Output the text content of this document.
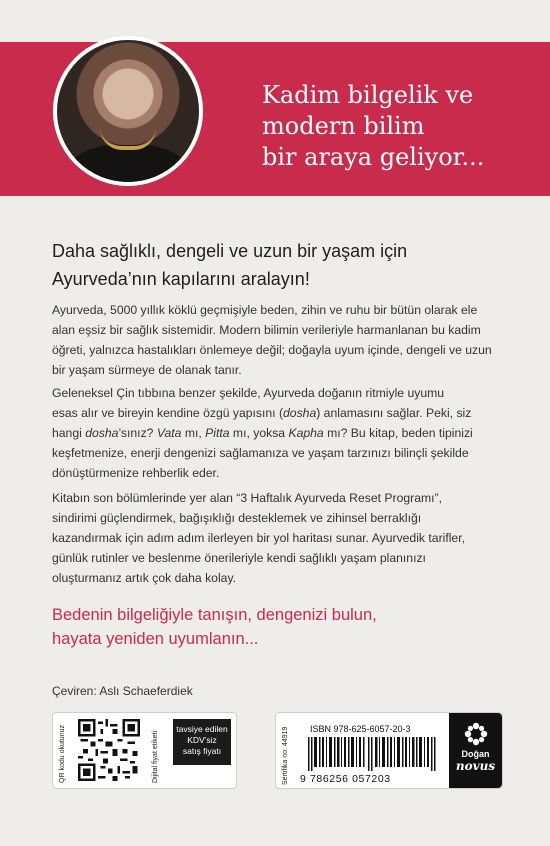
Kadim bilgelik ve
modern bilim
bir araya geliyor...
Daha sağlıklı, dengeli ve uzun bir yaşam için
Ayurveda’nın kapılarını aralayın!
Ayurveda, 5000 yıllık köklü geçmişiyle beden, zihin ve ruhu bir bütün olarak ele
alan eşsiz bir sağlık sistemidir. Modern bilimin verileriyle harmanlanan bu kadim
öğreti, yalnızca hastalıkları önlemeye değil; doğayla uyum içinde, dengeli ve uzun
bir yaşam sürmeye de olanak tanır.
Geleneksel Çin tıbbına benzer şekilde, Ayurveda doğanın ritmiyle uyumu
esas alır ve bireyin kendine özgü yapısını (dosha) anlamasını sağlar. Peki, siz
hangi dosha’sınız? Vata mı, Pitta mı, yoksa Kapha mı? Bu kitap, beden tipinizi
keşfetmenize, enerji dengenizi sağlamanıza ve yaşam tarzınızı bilinçli şekilde
dönüştürmenize rehberlik eder.
Kitabın son bölümlerinde yer alan “3 Haftalık Ayurveda Reset Programı”,
sindirimi güçlendirmek, bağışıklığı desteklemek ve zihinsel berraklığı
kazandırmak için adım adım ilerleyen bir yol haritası sunar. Ayurvedik tarifler,
günlük rutinler ve beslenme önerileriyle kendi sağlıklı yaşam planınızı
oluşturmanız artık çok daha kolay.
Bedenin bilgeliğiyle tanışın, dengenizi bulun,
hayata yeniden uyumlanın...
Çeviren: Aslı Schaeferdiek
QR kodu okutunuz	Dijital fiyat etiketi
tavsiye edilen
KDV’siz
satış fiyatı	Sertifika no: 44919 ISBN 978-625-6057-20-3
9 786256 057203
Doğan
novus
